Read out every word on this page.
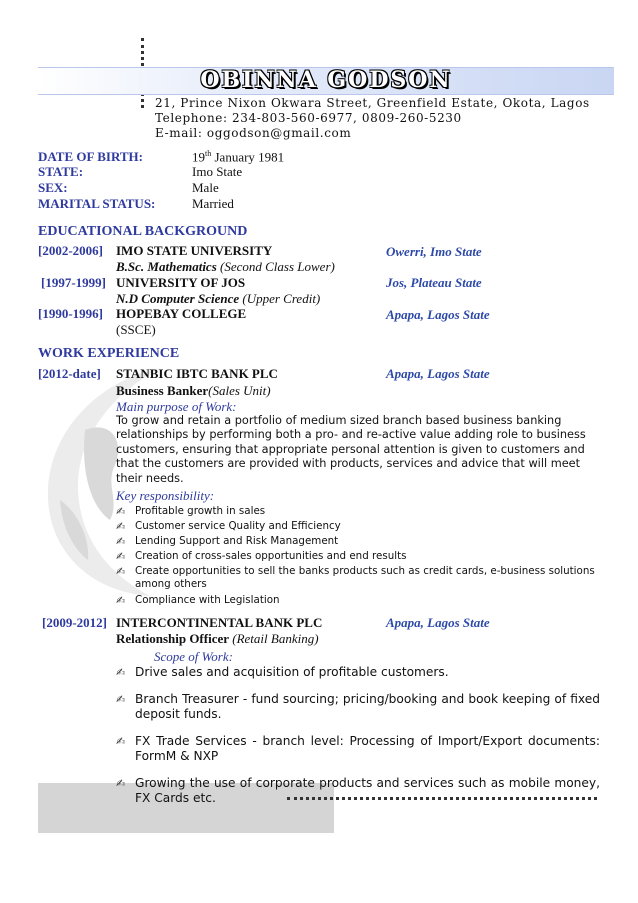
OBINNA GODSON
21, Prince Nixon Okwara Street, Greenfield Estate, Okota, Lagos
Telephone: 234-803-560-6977, 0809-260-5230
E-mail: oggodson@gmail.com
DATE OF BIRTH:	19th January 1981
STATE:	Imo State
SEX:	Male
MARITAL STATUS:	Married
EDUCATIONAL BACKGROUND
[2002-2006] IMO STATE UNIVERSITY	Owerri, Imo State
B.Sc. Mathematics (Second Class Lower)
[1997-1999] UNIVERSITY OF JOS	Jos, Plateau State
N.D Computer Science (Upper Credit)
[1990-1996] HOPEBAY COLLEGE	Apapa, Lagos State
(SSCE)
WORK EXPERIENCE
[2012-date] STANBIC IBTC BANK PLC	Apapa, Lagos State
Business Banker(Sales Unit)
Main purpose of Work:
To grow and retain a portfolio of medium sized branch based business banking relationships by performing both a pro- and re-active value adding role to business customers, ensuring that appropriate personal attention is given to customers and that the customers are provided with products, services and advice that will meet their needs.
Key responsibility:
✍ Profitable growth in sales
✍ Customer service Quality and Efficiency
✍ Lending Support and Risk Management
✍ Creation of cross-sales opportunities and end results
✍ Create opportunities to sell the banks products such as credit cards, e-business solutions among others
✍ Compliance with Legislation
[2009-2012] INTERCONTINENTAL BANK PLC	Apapa, Lagos State
Relationship Officer (Retail Banking)
Scope of Work:
✍ Drive sales and acquisition of profitable customers.
✍ Branch Treasurer - fund sourcing; pricing/booking and book keeping of fixed deposit funds.
✍ FX Trade Services - branch level: Processing of Import/Export documents: FormM & NXP
✍ Growing the use of corporate products and services such as mobile money, FX Cards etc.
